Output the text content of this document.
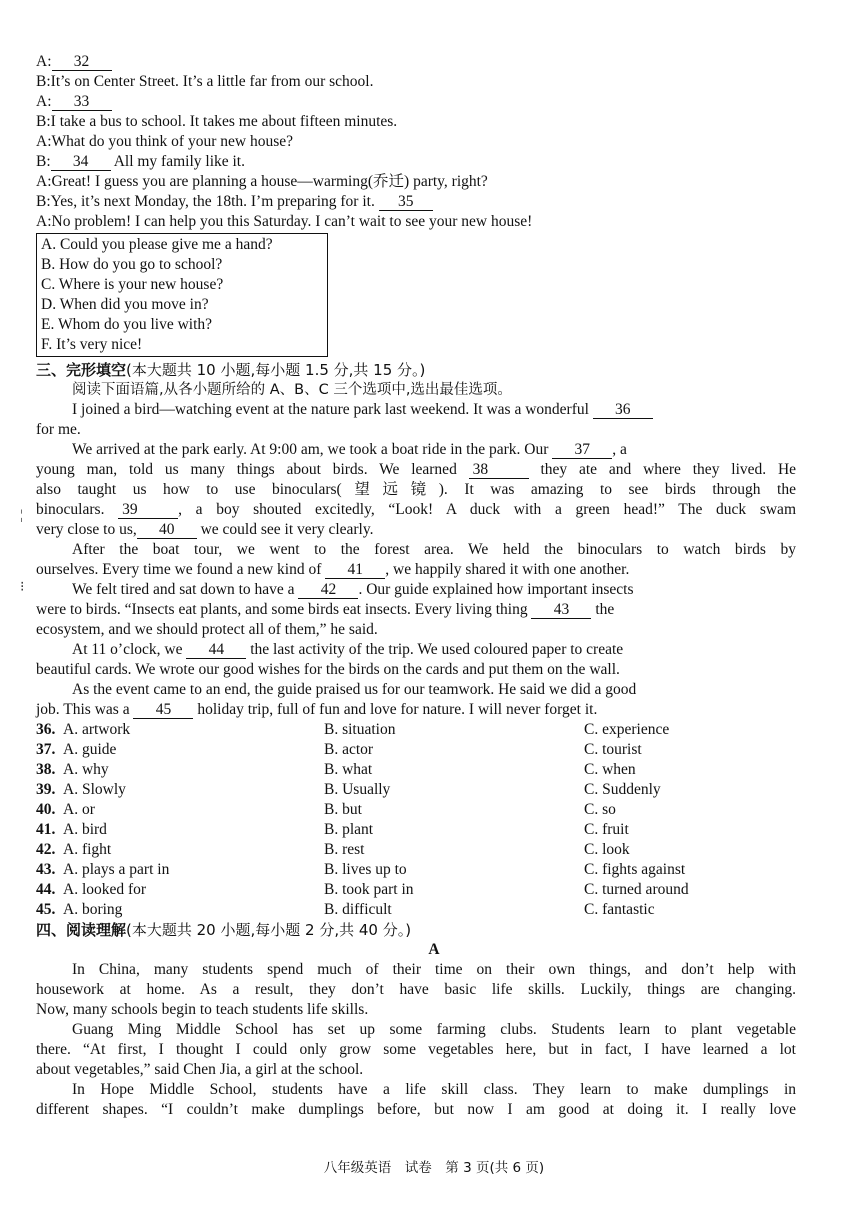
A: 32
B:It’s on Center Street. It’s a little far from our school.
A: 33
B:I take a bus to school. It takes me about fifteen minutes.
A:What do you think of your new house?
B: 34 All my family like it.
A:Great! I guess you are planning a house—warming(乔迁) party, right?
B:Yes, it’s next Monday, the 18th. I’m preparing for it. 35
A:No problem! I can help you this Saturday. I can’t wait to see your new house!
A. Could you please give me a hand?
B. How do you go to school?
C. Where is your new house?
D. When did you move in?
E. Whom do you live with?
F. It’s very nice!
三、完形填空(本大题共 10 小题,每小题 1.5 分,共 15 分。)
阅读下面语篇,从各小题所给的 A、B、C 三个选项中,选出最佳选项。
I joined a bird—watching event at the nature park last weekend. It was a wonderful 36
for me.
We arrived at the park early. At 9:00 am, we took a boat ride in the park. Our 37 , a
young man, told us many things about birds. We learned 38	they ate and where they lived. He
also taught us how to use binoculars(望远镜). It was amazing to see birds through the
binoculars. 39	, a boy shouted excitedly, “Look! A duck with a green head!” The duck swam
very close to us, 40 we could see it very clearly.
After the boat tour, we went to the forest area. We held the binoculars to watch birds by
ourselves. Every time we found a new kind of 41 , we happily shared it with one another.
We felt tired and sat down to have a 42 . Our guide explained how important insects
were to birds. “Insects eat plants, and some birds eat insects. Every living thing 43 the
ecosystem, and we should protect all of them,” he said.
At 11 o’clock, we 44 the last activity of the trip. We used coloured paper to create
beautiful cards. We wrote our good wishes for the birds on the cards and put them on the wall.
As the event came to an end, the guide praised us for our teamwork. He said we did a good
job. This was a 45 holiday trip, full of fun and love for nature. I will never forget it.
36. A. artwork	B. situation	C. experience
37. A. guide	B. actor	C. tourist
38. A. why	B. what	C. when
39. A. Slowly	B. Usually	C. Suddenly
40. A. or	B. but	C. so
41. A. bird	B. plant	C. fruit
42. A. fight	B. rest	C. look
43. A. plays a part in	B. lives up to	C. fights against
44. A. looked for	B. took part in	C. turned around
45. A. boring	B. difficult	C. fantastic
四、阅读理解(本大题共 20 小题,每小题 2 分,共 40 分。)
A
In China, many students spend much of their time on their own things, and don’t help with
housework at home. As a result, they don’t have basic life skills. Luckily, things are changing.
Now, many schools begin to teach students life skills.
Guang Ming Middle School has set up some farming clubs. Students learn to plant vegetable
there. “At first, I thought I could only grow some vegetables here, but in fact, I have learned a lot
about vegetables,” said Chen Jia, a girl at the school.
In Hope Middle School, students have a life skill class. They learn to make dumplings in
different shapes. “I couldn’t make dumplings before, but now I am good at doing it. I really love
八年级英语　试卷　第 3 页(共 6 页)
¦
⁝
